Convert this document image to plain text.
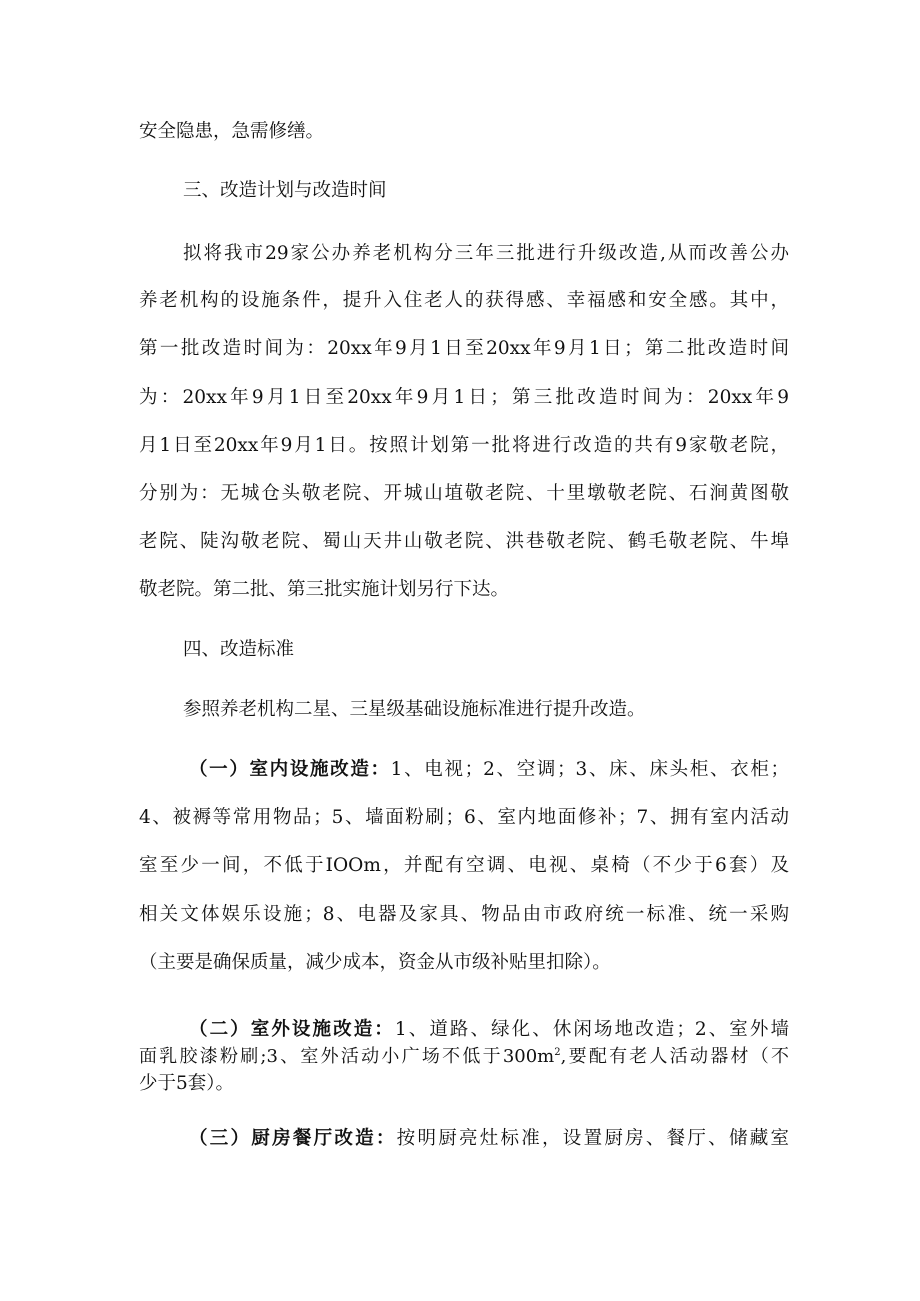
安全隐患，急需修缮。

三、改造计划与改造时间

拟将我市29家公办养老机构分三年三批进行升级改造,从而改善公办

养老机构的设施条件，提升入住老人的获得感、幸福感和安全感。其中，

第一批改造时间为：20xx年9月1日至20xx年9月1日；第二批改造时间

为：20xx年9月1日至20xx年9月1日；第三批改造时间为：20xx年9

月1日至20xx年9月1日。按照计划第一批将进行改造的共有9家敬老院，

分别为：无城仓头敬老院、开城山埴敬老院、十里墩敬老院、石涧黄图敬

老院、陡沟敬老院、蜀山天井山敬老院、洪巷敬老院、鹤毛敬老院、牛埠

敬老院。第二批、第三批实施计划另行下达。

四、改造标准

参照养老机构二星、三星级基础设施标准进行提升改造。

（一）室内设施改造：1、电视；2、空调；3、床、床头柜、衣柜；

4、被褥等常用物品；5、墙面粉刷；6、室内地面修补；7、拥有室内活动

室至少一间，不低于IOOm，并配有空调、电视、桌椅（不少于6套）及

相关文体娱乐设施；8、电器及家具、物品由市政府统一标准、统一采购

（主要是确保质量，减少成本，资金从市级补贴里扣除）。

（二）室外设施改造：1、道路、绿化、休闲场地改造；2、室外墙

面乳胶漆粉刷;3、室外活动小广场不低于$300m^2$,要配有老人活动器材（不

少于5套）。

（三）厨房餐厅改造：按明厨亮灶标准，设置厨房、餐厅、储藏室
